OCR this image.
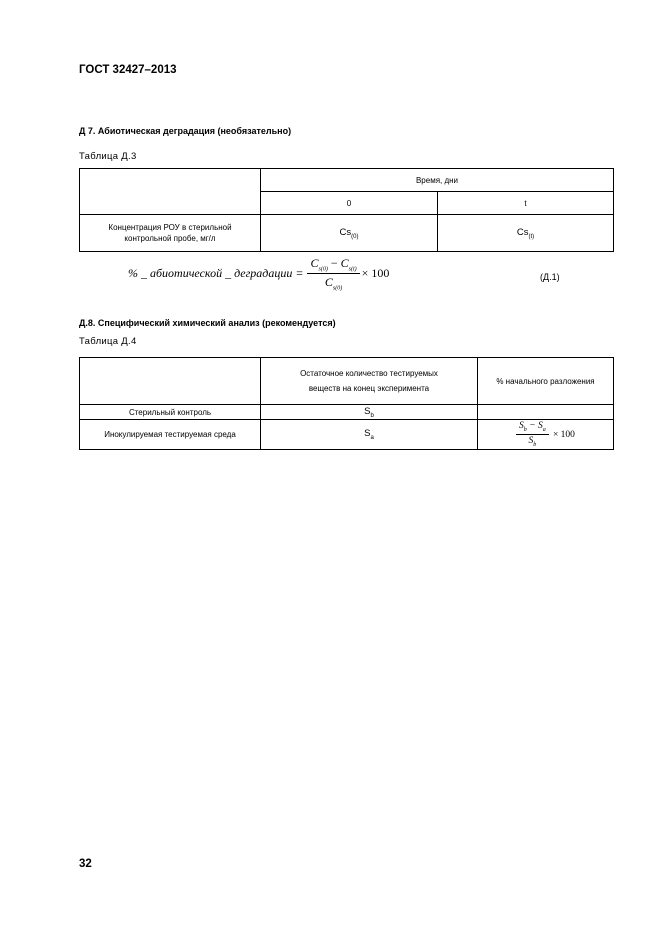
ГОСТ 32427–2013
Д 7. Абиотическая деградация (необязательно)
Таблица Д.3
	Время, дни	
	0	t
Концентрация РОУ в стерильной контрольной пробе, мг/л	$Cs_{(0)}$	$Cs_{(t)}$
% _ абиотической _ деградации = $\frac{C_{s(0)} - C_{s(t)}}{C_{s(0)}} \times 100$	(Д.1)
Д.8. Специфический химический анализ (рекомендуется)
Таблица Д.4
	Остаточное количество тестируемых веществ на конец эксперимента	% начального разложения
Стерильный контроль	$S_b$	
Инокулируемая тестируемая среда	$S_a$	$\frac{S_b - S_a}{S_b} \times 100$
32
